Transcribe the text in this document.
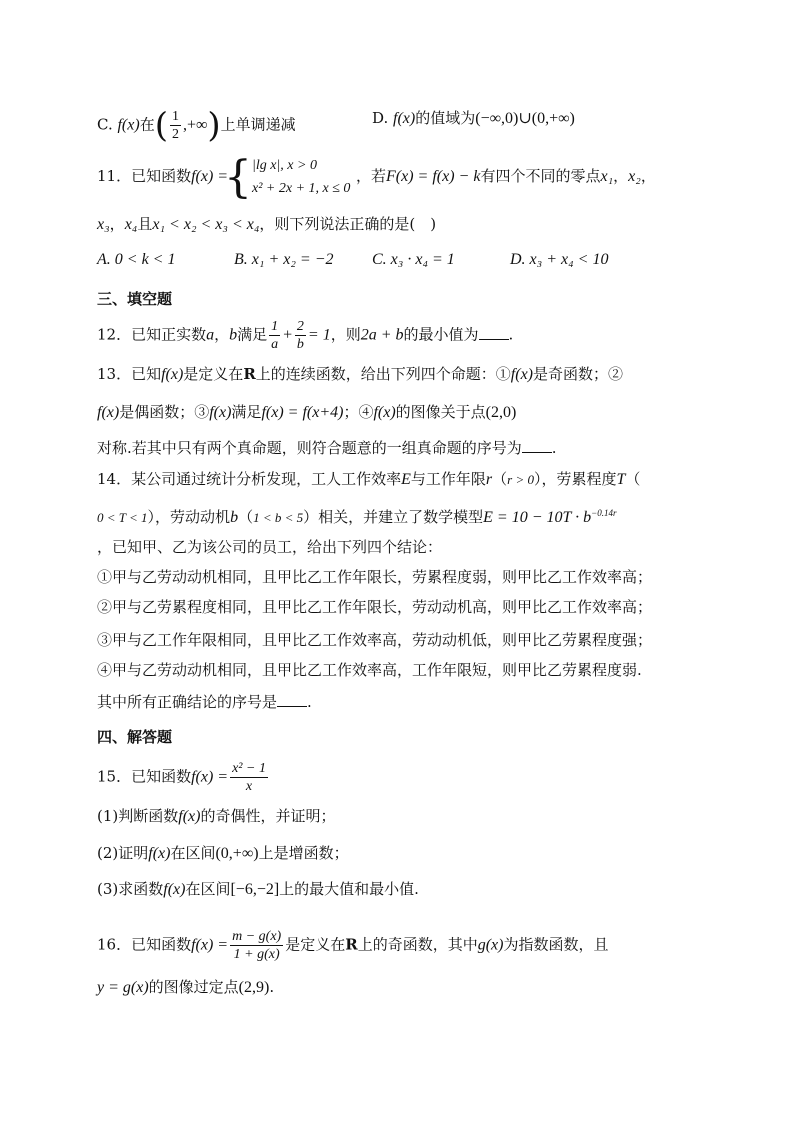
C. f(x)在( $\frac{1}{2}$ ,+∞)上单调递减	D. f(x)的值域为(−∞,0)∪(0,+∞)
11．已知函数f(x) =
{ |lg x|, x > 0
x² + 2x + 1, x ≤ 0
，若F(x) = f(x) − k有四个不同的零点x₁，x₂，
x₃，x₄且x₁ < x₂ < x₃ < x₄，则下列说法正确的是(　)
A. 0 < k < 1	B. x₁ + x₂ = −2 C. x₃ · x₄ = 1	D. x₃ + x₄ < 10
三、填空题
12．已知正实数a，b满足 $\frac{1}{a} + \frac{2}{b} = 1$，则2a + b的最小值为 .
13．已知f(x)是定义在R上的连续函数，给出下列四个命题：①f(x)是奇函数；②
f(x)是偶函数；③f(x)满足f(x) = f(x+4)；④f(x)的图像关于点(2,0)
对称.若其中只有两个真命题，则符合题意的一组真命题的序号为 .
14．某公司通过统计分析发现，工人工作效率E与工作年限r（r > 0），劳累程度T（
0 < T < 1），劳动动机b（1 < b < 5）相关，并建立了数学模型$E = 10 - 10T \cdot b^{-0.14r}$
，已知甲、乙为该公司的员工，给出下列四个结论：
①甲与乙劳动动机相同，且甲比乙工作年限长，劳累程度弱，则甲比乙工作效率高；
②甲与乙劳累程度相同，且甲比乙工作年限长，劳动动机高，则甲比乙工作效率高；
③甲与乙工作年限相同，且甲比乙工作效率高，劳动动机低，则甲比乙劳累程度强；
④甲与乙劳动动机相同，且甲比乙工作效率高，工作年限短，则甲比乙劳累程度弱.
其中所有正确结论的序号是 .
四、解答题
15．已知函数$f(x) = \frac{\text{x² − 1}}{x}$
(1)判断函数f(x)的奇偶性，并证明；
(2)证明f(x)在区间(0,+∞)上是增函数；
(3)求函数f(x)在区间[−6,−2]上的最大值和最小值.
16．已知函数$f(x) = \frac{m - g(x)}{1 + g(x)}$ 是定义在R上的奇函数，其中g(x)为指数函数，且
y = g(x)的图像过定点(2,9).
